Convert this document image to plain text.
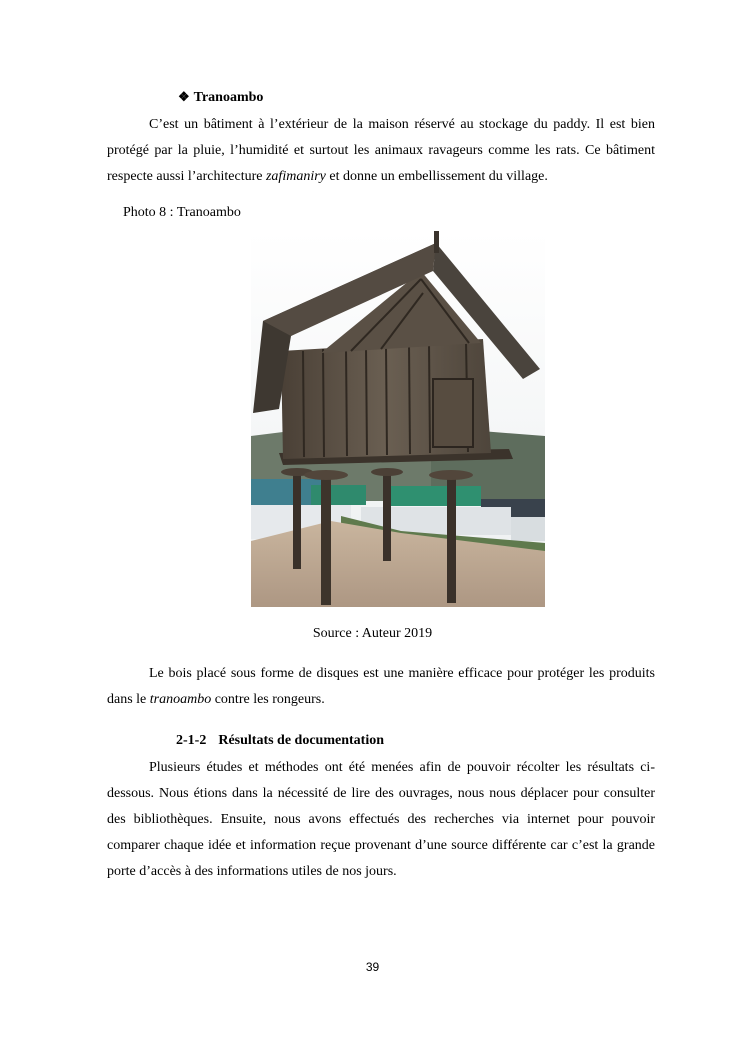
❖ Tranoambo
C’est un bâtiment à l’extérieur de la maison réservé au stockage du paddy. Il est bien protégé par la pluie, l’humidité et surtout les animaux ravageurs comme les rats. Ce bâtiment respecte aussi l’architecture zafimaniry et donne un embellissement du village.
Photo 8 : Tranoambo
Source : Auteur 2019
Le bois placé sous forme de disques est une manière efficace pour protéger les produits dans le tranoambo contre les rongeurs.
2-1-2 Résultats de documentation
Plusieurs études et méthodes ont été menées afin de pouvoir récolter les résultats ci-dessous. Nous étions dans la nécessité de lire des ouvrages, nous nous déplacer pour consulter des bibliothèques. Ensuite, nous avons effectués des recherches via internet pour pouvoir comparer chaque idée et information reçue provenant d’une source différente car c’est la grande porte d’accès à des informations utiles de nos jours.
39
